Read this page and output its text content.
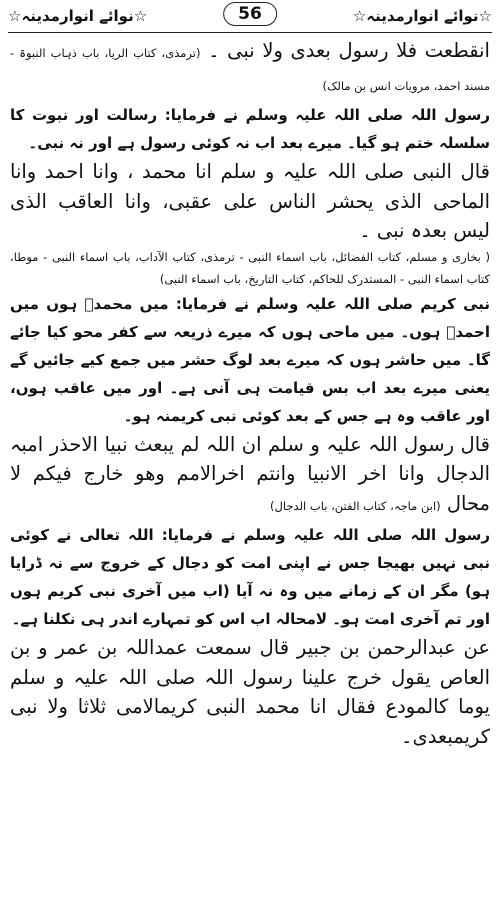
☆نوائے انوارمدینہ☆	56	☆نوائے انوارمدینہ☆

انقطعت فلا رسول بعدی ولا نبی ۔ (ترمذی، کتاب الریا، باب ذہاب النبوۃ - مسند احمد، مرویات انس بن مالک)

رسول اللہ صلی اللہ علیہ وسلم نے فرمایا: رسالت اور نبوت کا سلسلہ ختم ہو گیا۔ میرے بعد اب نہ کوئی رسول ہے اور نہ نبی۔

قال النبی صلی اللہ علیہ و سلم انا محمد ، وانا احمد وانا الماحی الذی یحشر الناس علی عقبی، وانا العاقب الذی لیس بعدہ نبی ۔

( بخاری و مسلم، کتاب الفضائل، باب اسماء النبی - ترمذی، کتاب الآداب، باب اسماء النبی - موطا، کتاب اسماء النبی - المستدرک للحاکم، کتاب التاریخ، باب اسماء النبی)

نبی کریم صلی اللہ علیہ وسلم نے فرمایا: میں محمدؐ ہوں میں احمدؐ ہوں۔ میں ماحی ہوں کہ میرے ذریعہ سے کفر محو کیا جائے گا۔ میں حاشر ہوں کہ میرے بعد لوگ حشر میں جمع کیے جائیں گے یعنی میرے بعد اب بس قیامت ہی آنی ہے۔ اور میں عاقب ہوں، اور عاقب وہ ہے جس کے بعد کوئی نبی کریمنہ ہو۔

قال رسول اللہ علیہ و سلم ان اللہ لم یبعث نبیا الاحذر امبہ الدجال وانا اخر الانبیا وانتم اخرالامم وھو خارج فیکم لا محال (ابن ماجہ، کتاب الفتن، باب الدجال)

رسول اللہ صلی اللہ علیہ وسلم نے فرمایا: اللہ تعالی نے کوئی نبی نہیں بھیجا جس نے اپنی امت کو دجال کے خروج سے نہ ڈرایا ہو) مگر ان کے زمانے میں وہ نہ آیا (اب میں آخری نبی کریم ہوں اور تم آخری امت ہو۔ لامحالہ اب اس کو تمہارے اندر ہی نکلنا ہے۔

عن عبدالرحمن بن جبیر قال سمعت عمداللہ بن عمر و بن العاص یقول خرج علینا رسول اللہ صلی اللہ علیہ و سلم یوما کالمودع فقال انا محمد النبی کریمالامی ثلاثا ولا نبی کریمبعدی۔
